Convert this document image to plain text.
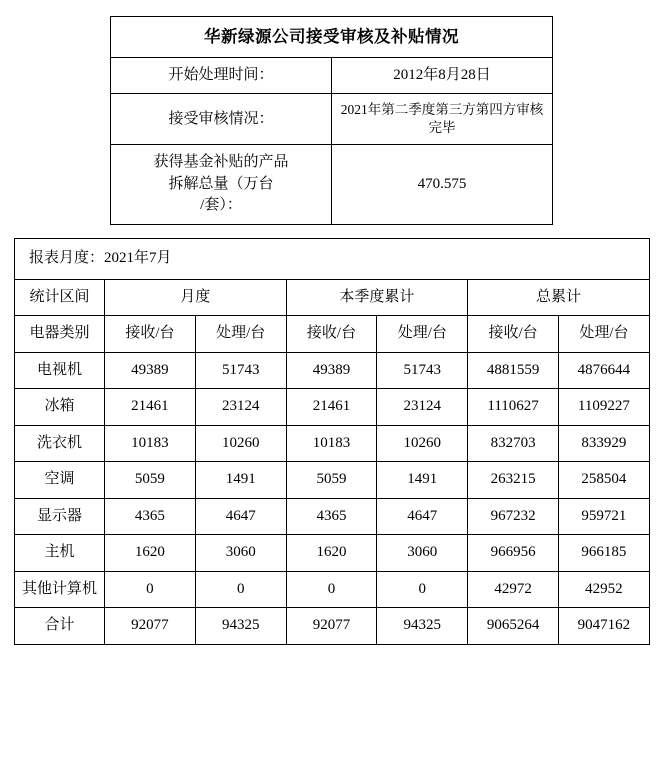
华新绿源公司接受审核及补贴情况	
开始处理时间：	2012年8月28日
接受审核情况：	2021年第二季度第三方第四方审核完毕

获得基金补贴的产品
拆解总量（万台
/套）：	470.575
报表月度：2021年7月						
统计区间	月度		本季度累计		总累计	
电器类别	接收/台	处理/台	接收/台	处理/台	接收/台	处理/台
电视机	49389	51743	49389	51743	4881559	4876644
冰箱	21461	23124	21461	23124	1110627	1109227
洗衣机	10183	10260	10183	10260	832703	833929
空调	5059	1491	5059	1491	263215	258504
显示器	4365	4647	4365	4647	967232	959721
主机	1620	3060	1620	3060	966956	966185
其他计算机	0	0	0	0	42972	42952
合计	92077	94325	92077	94325	9065264	9047162
